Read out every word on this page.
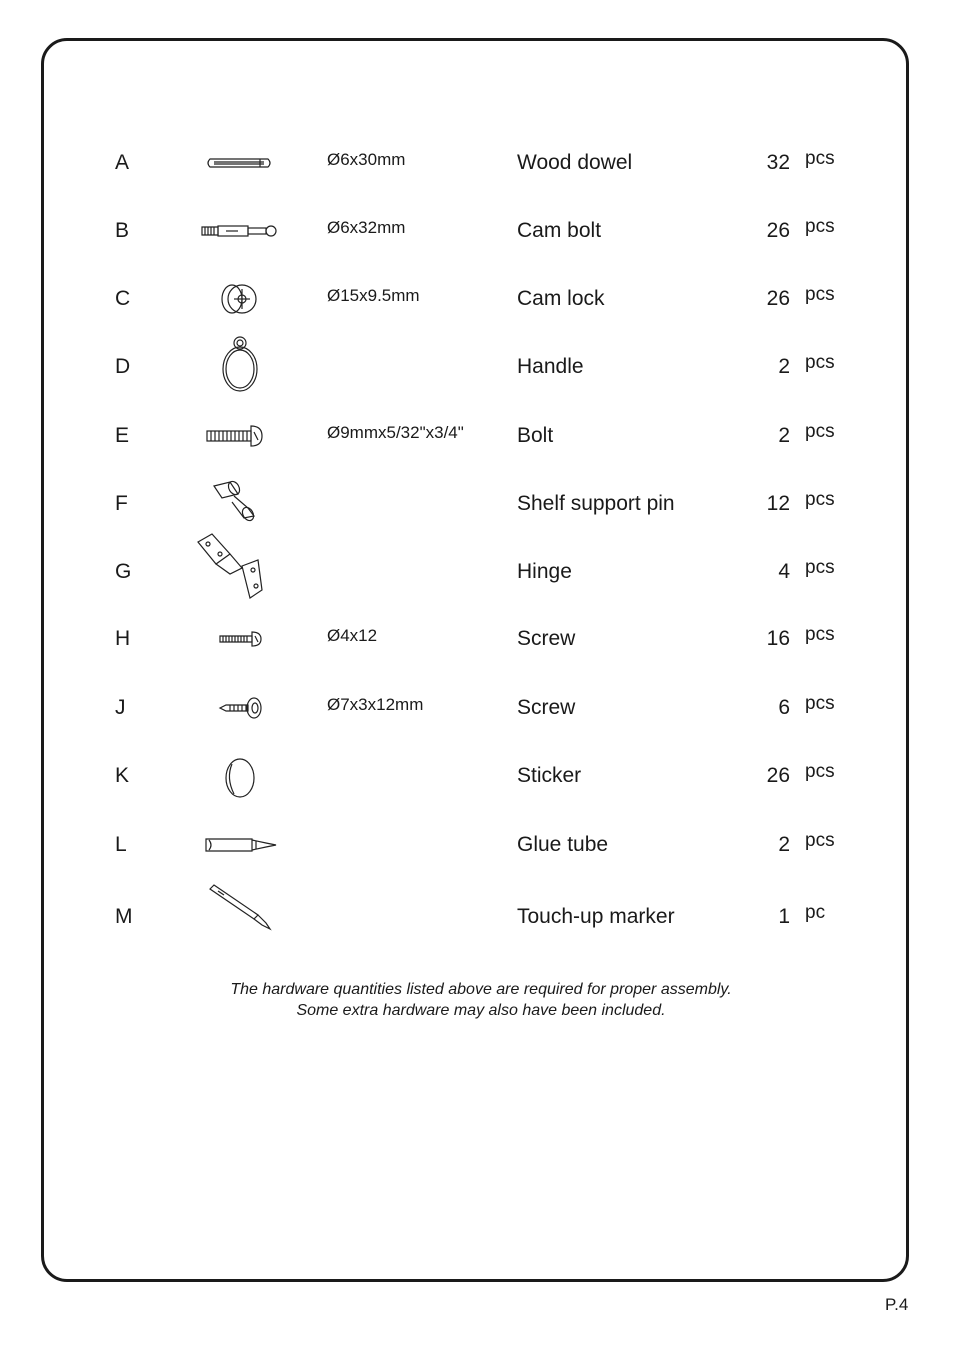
A	Ø6x30mm	Wood dowel	32 pcs
B	Ø6x32mm	Cam bolt	26 pcs
C	Ø15x9.5mm	Cam lock	26 pcs
D	Handle	2 pcs
E	Ø9mmx5/32"x3/4"	Bolt	2 pcs
F	Shelf support pin	12 pcs
G	Hinge	4 pcs
H	Ø4x12	Screw	16 pcs
J	Ø7x3x12mm	Screw	6 pcs
K	Sticker	26 pcs
L	Glue tube	2 pcs
M	Touch-up marker	1 pc
The hardware quantities listed above are required for proper assembly.
Some extra hardware may also have been included.
P.4
